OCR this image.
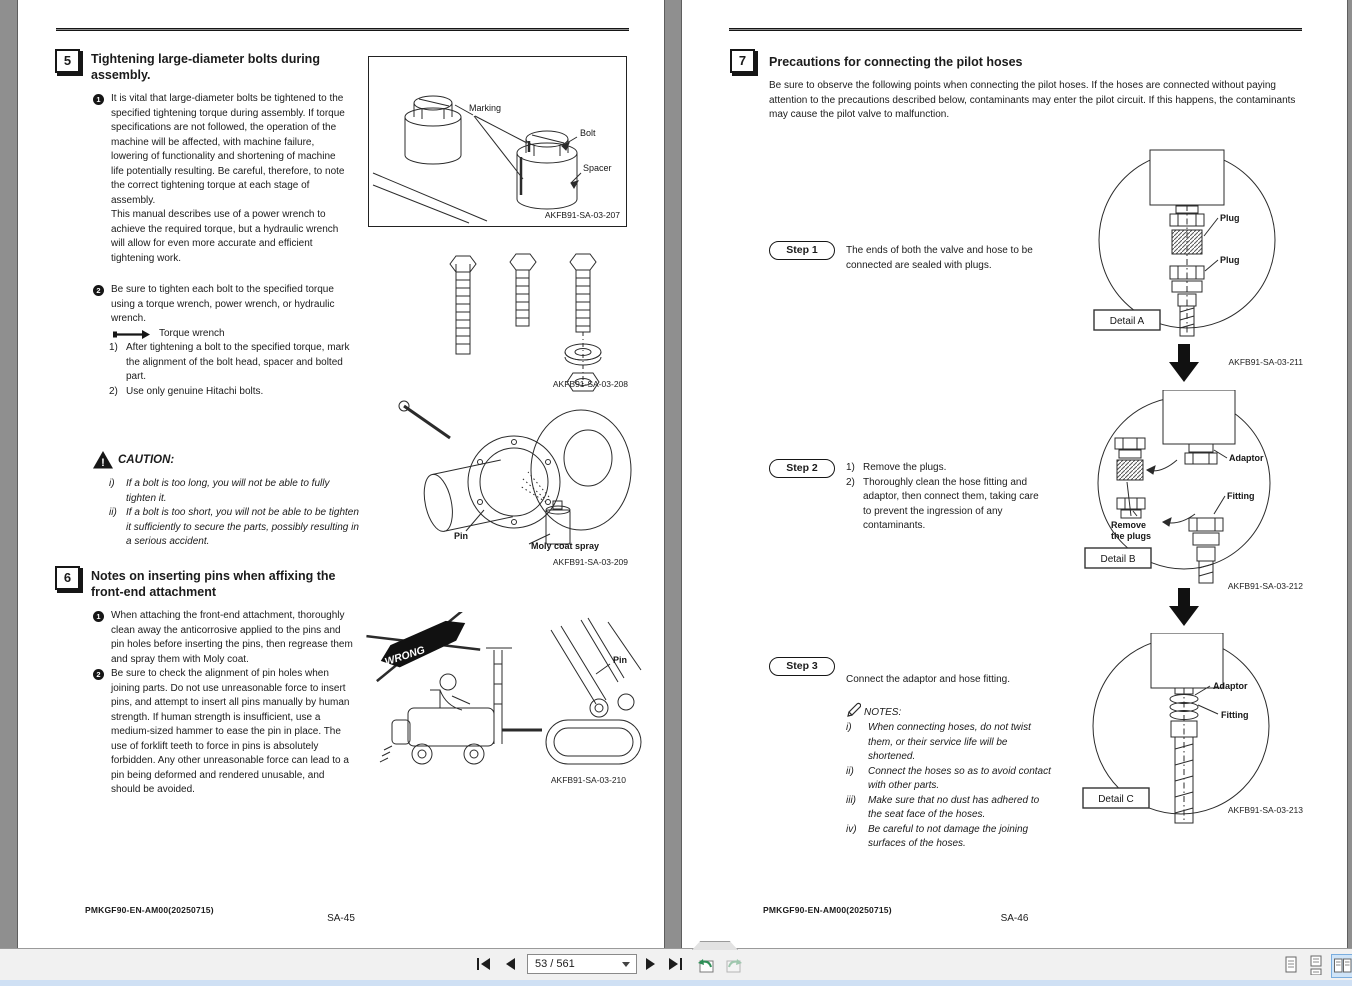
5	Tightening large-diameter bolts during assembly.
1	It is vital that large-diameter bolts be tightened to the specified tightening torque during assembly. If torque specifications are not followed, the operation of the machine will be affected, with machine failure, lowering of functionality and shortening of machine life potentially resulting. Be careful, therefore, to note the correct tightening torque at each stage of assembly.
This manual describes use of a power wrench to achieve the required torque, but a hydraulic wrench will allow for even more accurate and efficient tightening work.
Marking
Bolt
Spacer
AKFB91-SA-03-207
2	Be sure to tighten each bolt to the specified torque using a torque wrench, power wrench, or hydraulic wrench.
Torque wrench
1) After tightening a bolt to the specified torque, mark the alignment of the bolt head, spacer and bolted part.
2) Use only genuine Hitachi bolts.
AKFB91-SA-03-208
! CAUTION:
i)	If a bolt is too long, you will not be able to fully tighten it.
ii) If a bolt is too short, you will not be able to be tighten it sufficiently to secure the parts, possibly resulting in a serious accident.	Pin
Moly coat spray
AKFB91-SA-03-209
6	Notes on inserting pins when affixing the front-end attachment
1	When attaching the front-end attachment, thoroughly clean away the anticorrosive applied to the pins and pin holes before inserting the pins, then regrease them and spray them with Moly coat.
2	Be sure to check the alignment of pin holes when joining parts. Do not use unreasonable force to insert pins, and attempt to insert all pins manually by human strength. If human strength is insufficient, use a medium-sized hammer to ease the pin in place. The use of forklift teeth to force in pins is absolutely forbidden. Any other unreasonable force can lead to a pin being deformed and rendered unusable, and should be avoided.
WRONG	Pin
AKFB91-SA-03-210
PMKGF90-EN-AM00(20250715)
SA-45
7	Precautions for connecting the pilot hoses
Be sure to observe the following points when connecting the pilot hoses. If the hoses are connected without paying attention to the precautions described below, contaminants may enter the pilot circuit. If this happens, the contaminants may cause the pilot valve to malfunction.
Step 1	The ends of both the valve and hose to be connected are sealed with plugs.
Plug
Plug
Detail A
AKFB91-SA-03-211
Step 2	1) Remove the plugs.
2) Thoroughly clean the hose fitting and adaptor, then connect them, taking care to prevent the ingression of any contaminants.
Adaptor
Fitting
Remove
the plugs
Detail B
AKFB91-SA-03-212
Step 3
Connect the adaptor and hose fitting.
NOTES:
i)	When connecting hoses, do not twist them, or their service life will be shortened.
ii)	Connect the hoses so as to avoid contact with other parts.
iii)	Make sure that no dust has adhered to the seat face of the hoses.
iv)	Be careful to not damage the joining surfaces of the hoses.
Adaptor
Fitting
Detail C
AKFB91-SA-03-213
PMKGF90-EN-AM00(20250715)
SA-46
53 / 561
